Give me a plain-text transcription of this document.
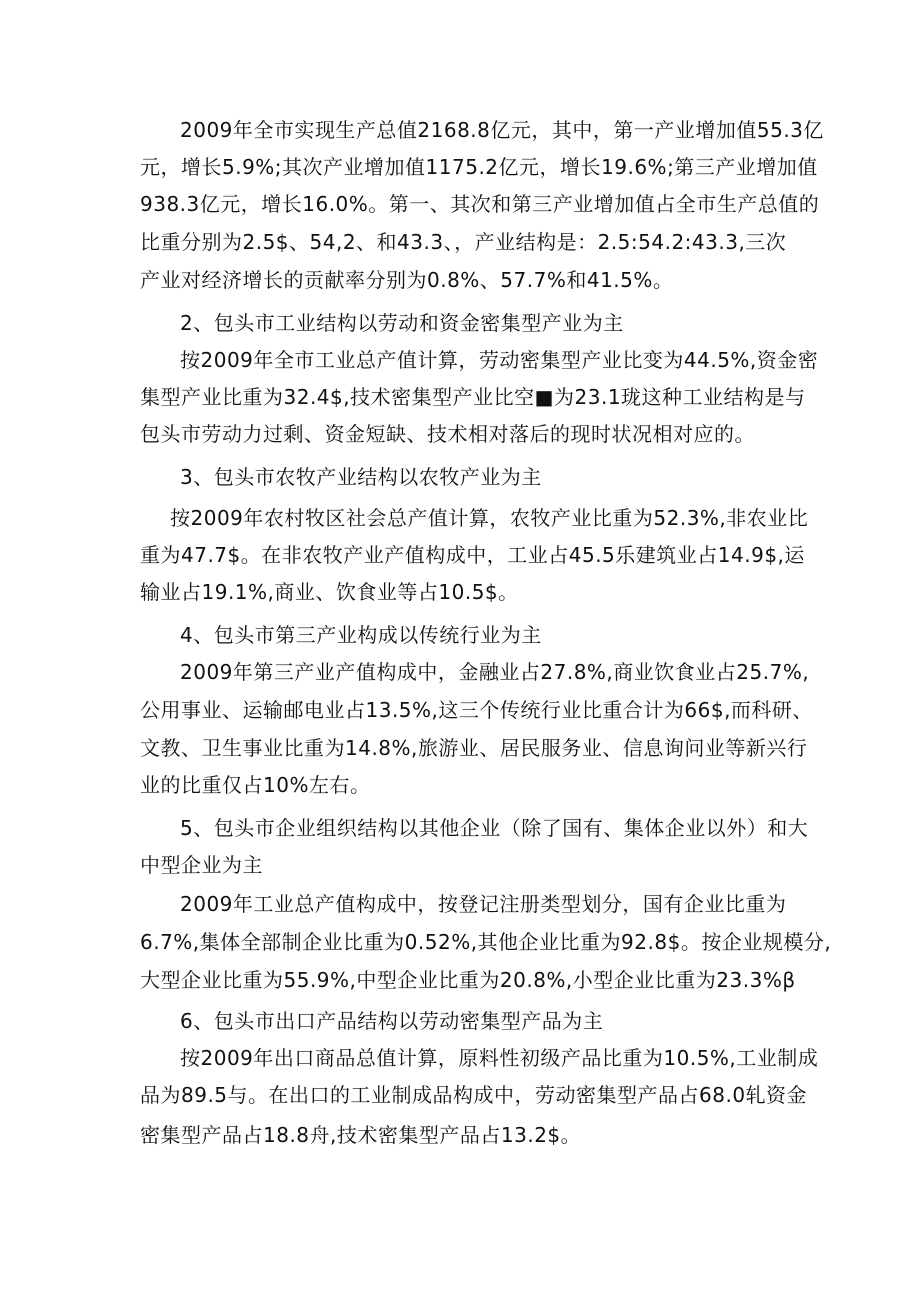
2009年全市实现生产总值2168.8亿元，其中，第一产业增加值55.3亿
元，增长5.9%;其次产业增加值1175.2亿元，增长19.6%;第三产业增加值
938.3亿元，增长16.0%。第一、其次和第三产业增加值占全市生产总值的
比重分别为2.5$、54,2、和43.3、，产业结构是：2.5:54.2:43.3,三次
产业对经济增长的贡献率分别为0.8%、57.7%和41.5%。
2、包头市工业结构以劳动和资金密集型产业为主
按2009年全市工业总产值计算，劳动密集型产业比变为44.5%,资金密
集型产业比重为32.4$,技术密集型产业比空■为23.1珑这种工业结构是与
包头市劳动力过剩、资金短缺、技术相对落后的现时状况相对应的。
3、包头市农牧产业结构以农牧产业为主
按2009年农村牧区社会总产值计算，农牧产业比重为52.3%,非农业比
重为47.7$。在非农牧产业产值构成中，工业占45.5乐建筑业占14.9$,运
输业占19.1%,商业、饮食业等占10.5$。
4、包头市第三产业构成以传统行业为主
2009年第三产业产值构成中，金融业占27.8%,商业饮食业占25.7%,
公用事业、运输邮电业占13.5%,这三个传统行业比重合计为66$,而科研、
文教、卫生事业比重为14.8%,旅游业、居民服务业、信息询问业等新兴行
业的比重仅占10%左右。
5、包头市企业组织结构以其他企业（除了国有、集体企业以外）和大
中型企业为主
2009年工业总产值构成中，按登记注册类型划分，国有企业比重为
6.7%,集体全部制企业比重为0.52%,其他企业比重为92.8$。按企业规模分,
大型企业比重为55.9%,中型企业比重为20.8%,小型企业比重为23.3%β
6、包头市出口产品结构以劳动密集型产品为主
按2009年出口商品总值计算，原料性初级产品比重为10.5%,工业制成
品为89.5与。在出口的工业制成品构成中，劳动密集型产品占68.0轧资金
密集型产品占18.8舟,技术密集型产品占13.2$。
